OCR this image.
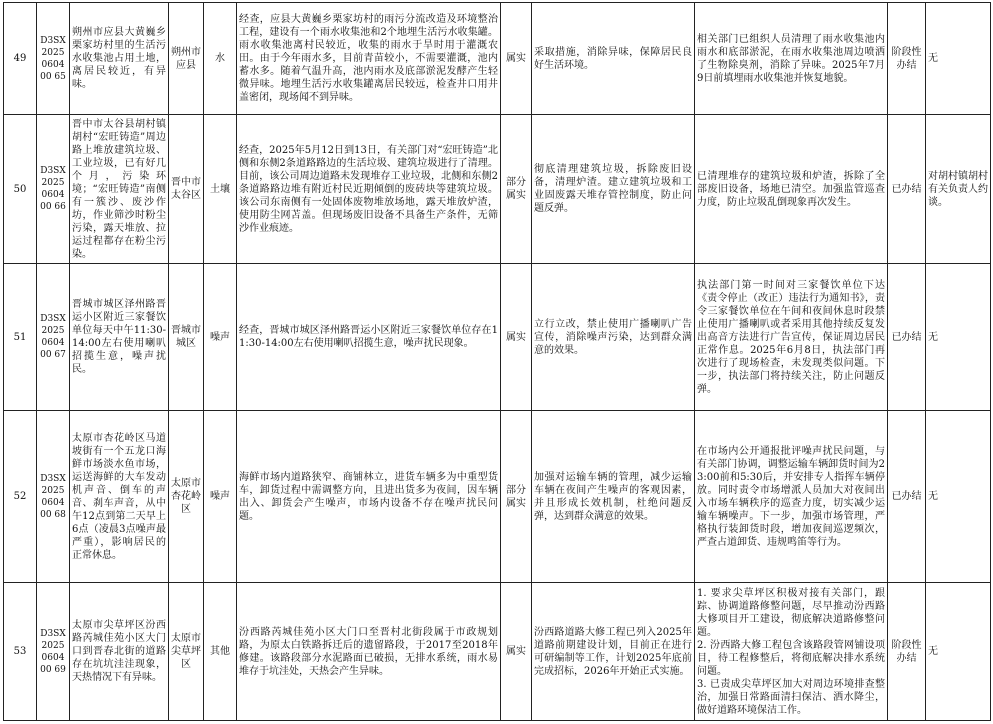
49	D3SX2025060400 65	朔州市应县大黄巍乡栗家坊村里的生活污水收集池占用土地，离居民较近，有异味。	朔州市应县	水	经查，应县大黄巍乡栗家坊村的雨污分流改造及环境整治工程，建设有一个雨水收集池和2个地埋生活污水收集罐。雨水收集池离村民较近，收集的雨水于旱时用于灌溉农田。由于今年雨水多，目前青苗较小，不需要灌溉，池内蓄水多。随着气温升高，池内雨水及底部淤泥发酵产生轻微异味。地埋生活污水收集罐离居民较远，检查井口用井盖密闭，现场闻不到异味。	属实	采取措施，消除异味，保障居民良好生活环境。	相关部门已组织人员清理了雨水收集池内雨水和底部淤泥，在雨水收集池周边喷洒了生物除臭剂，消除了异味。2025年7月9日前填埋雨水收集池并恢复地貌。	阶段性办结	无
50	D3SX2025060400 66	晋中市太谷县胡村镇胡村“宏旺铸造”周边路上堆放建筑垃圾、工业垃圾，已有好几个月，污染环境；“宏旺铸造”南侧有一簇沙、废沙作坊，作业筛沙时粉尘污染，露天堆放、拉运过程都存在粉尘污染。	晋中市太谷区	土壤	经查，2025年5月12日到13日，有关部门对“宏旺铸造”北侧和东侧2条道路路边的生活垃圾、建筑垃圾进行了清理。目前，该公司周边道路未发现堆存工业垃圾，北侧和东侧2条道路路边堆有附近村民近期倾倒的废砖块等建筑垃圾。该公司东南侧有一处固体废物堆放场地，露天堆放炉渣，使用防尘网苫盖。但现场废旧设备不具备生产条件，无筛沙作业痕迹。	部分属实	彻底清理建筑垃圾，拆除废旧设备，清理炉渣。建立建筑垃圾和工业固废露天堆存管控制度，防止问题反弹。	已清理堆存的建筑垃圾和炉渣，拆除了全部废旧设备，场地已清空。加强监管巡查力度，防止垃圾乱倒现象再次发生。	已办结	对胡村镇胡村有关负责人约谈。
51	D3SX2025060400 67	晋城市城区泽州路晋运小区附近三家餐饮单位每天中午11:30-14:00左右使用喇叭招揽生意，噪声扰民。	晋城市城区	噪声	经查，晋城市城区泽州路晋运小区附近三家餐饮单位存在11:30-14:00左右使用喇叭招揽生意，噪声扰民现象。	属实	立行立改，禁止使用广播喇叭广告宣传，消除噪声污染，达到群众满意的效果。	执法部门第一时间对三家餐饮单位下达《责令停止（改正）违法行为通知书》，责令三家餐饮单位在午间和夜间休息时段禁止使用广播喇叭或者采用其他持续反复发出高音方法进行广告宣传，保证周边居民正常作息。2025年6月8日，执法部门再次进行了现场检查，未发现类似问题。下一步，执法部门将持续关注，防止问题反弹。	已办结	无
52	D3SX2025060400 68	太原市杏花岭区马道坡街有一个五龙口海鲜市场淡水鱼市场，运送海鲜的大车发动机声音、倒车的声音、刹车声音，从中午12点到第二天早上6点（凌晨3点噪声最严重），影响居民的正常休息。	太原市杏花岭区	噪声	海鲜市场内道路狭窄、商铺林立，进货车辆多为中重型货车，卸货过程中需调整方向，且进出货多为夜间，因车辆出入、卸货会产生噪声，市场内设备不存在噪声扰民问题。	部分属实	加强对运输车辆的管理，减少运输车辆在夜间产生噪声的客观因素，并且形成长效机制，杜绝问题反弹，达到群众满意的效果。	在市场内公开通报批评噪声扰民问题，与有关部门协调，调整运输车辆卸货时间为23:00前和5:30后，并安排专人指挥车辆停放。同时责令市场增派人员加大对夜间出入市场车辆秩序的巡查力度，切实减少运输车辆噪声。下一步，加强市场管理，严格执行装卸货时段，增加夜间巡逻频次，严查占道卸货、违规鸣笛等行为。	已办结	无
53	D3SX2025060400 69	太原市尖草坪区汾西路芮城佳苑小区大门口到晋春北街的道路存在坑坑洼洼现象，天热情况下有异味。	太原市尖草坪区	其他	汾西路芮城佳苑小区大门口至晋村北街段属于市政规划路，为原太白铁路拆迁后的遗留路段，于2017至2018年修建。该路段部分水泥路面已破损，无排水系统，雨水易堆存于坑洼处，天热会产生异味。	属实	汾西路道路大修工程已列入2025年道路前期建设计划，目前正在进行可研编制等工作，计划2025年底前完成招标，2026年开始正式实施。	1. 要求尖草坪区积极对接有关部门，跟踪、协调道路修整问题，尽早推动汾西路大修项目开工建设，彻底解决道路修整问题。
2. 汾西路大修工程包含该路段管网铺设项目，待工程修整后，将彻底解决排水系统问题。
3. 已责成尖草坪区加大对周边环境排查整治，加强日常路面清扫保洁、洒水降尘，做好道路环境保洁工作。	阶段性办结	无
